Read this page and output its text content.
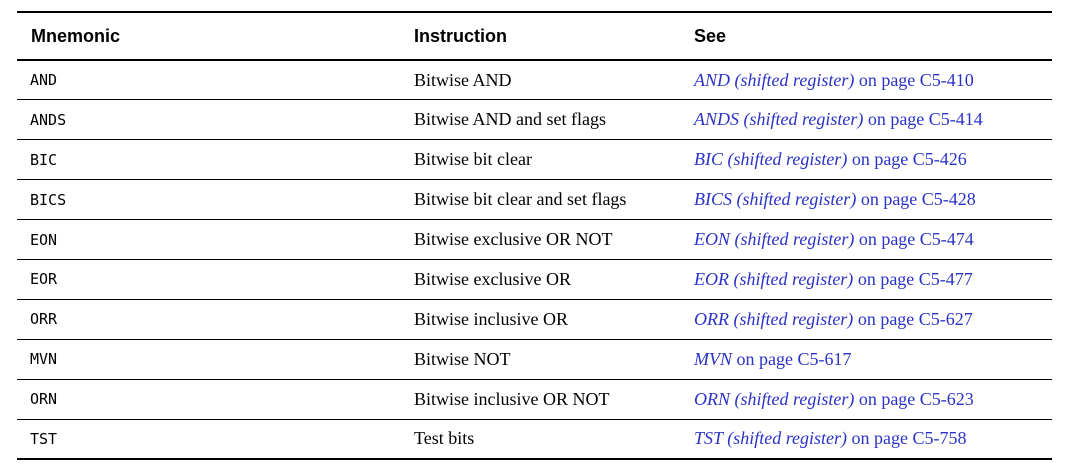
Mnemonic	Instruction	See
AND	Bitwise AND	AND (shifted register) on page C5-410
ANDS	Bitwise AND and set flags	ANDS (shifted register) on page C5-414
BIC	Bitwise bit clear	BIC (shifted register) on page C5-426
BICS	Bitwise bit clear and set flags	BICS (shifted register) on page C5-428
EON	Bitwise exclusive OR NOT	EON (shifted register) on page C5-474
EOR	Bitwise exclusive OR	EOR (shifted register) on page C5-477
ORR	Bitwise inclusive OR	ORR (shifted register) on page C5-627
MVN	Bitwise NOT	MVN on page C5-617
ORN	Bitwise inclusive OR NOT	ORN (shifted register) on page C5-623
TST	Test bits	TST (shifted register) on page C5-758
